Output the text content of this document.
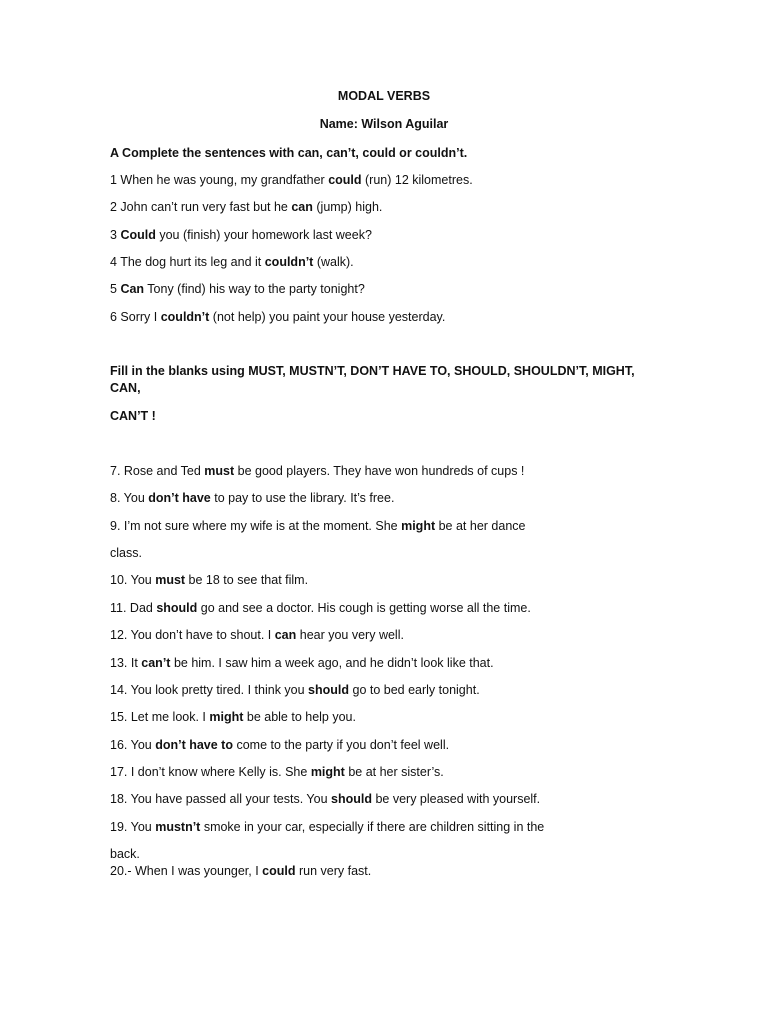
MODAL VERBS

Name: Wilson Aguilar

A Complete the sentences with can, can’t, could or couldn’t.

1 When he was young, my grandfather could (run) 12 kilometres.

2 John can’t run very fast but he can (jump) high.

3 Could you (finish) your homework last week?

4 The dog hurt its leg and it couldn’t (walk).

5 Can Tony (find) his way to the party tonight?

6 Sorry I couldn’t (not help) you paint your house yesterday.

Fill in the blanks using MUST, MUSTN’T, DON’T HAVE TO, SHOULD, SHOULDN’T, MIGHT, CAN,

CAN’T !

7. Rose and Ted must be good players. They have won hundreds of cups !

8. You don’t have to pay to use the library. It’s free.

9. I’m not sure where my wife is at the moment. She might be at her dance

class.

10. You must be 18 to see that film.

11. Dad should go and see a doctor. His cough is getting worse all the time.

12. You don’t have to shout. I can hear you very well.

13. It can’t be him. I saw him a week ago, and he didn’t look like that.

14. You look pretty tired. I think you should go to bed early tonight.

15. Let me look. I might be able to help you.

16. You don’t have to come to the party if you don’t feel well.

17. I don’t know where Kelly is. She might be at her sister’s.

18. You have passed all your tests. You should be very pleased with yourself.

19. You mustn’t smoke in your car, especially if there are children sitting in the

back.

20.- When I was younger, I could run very fast.
